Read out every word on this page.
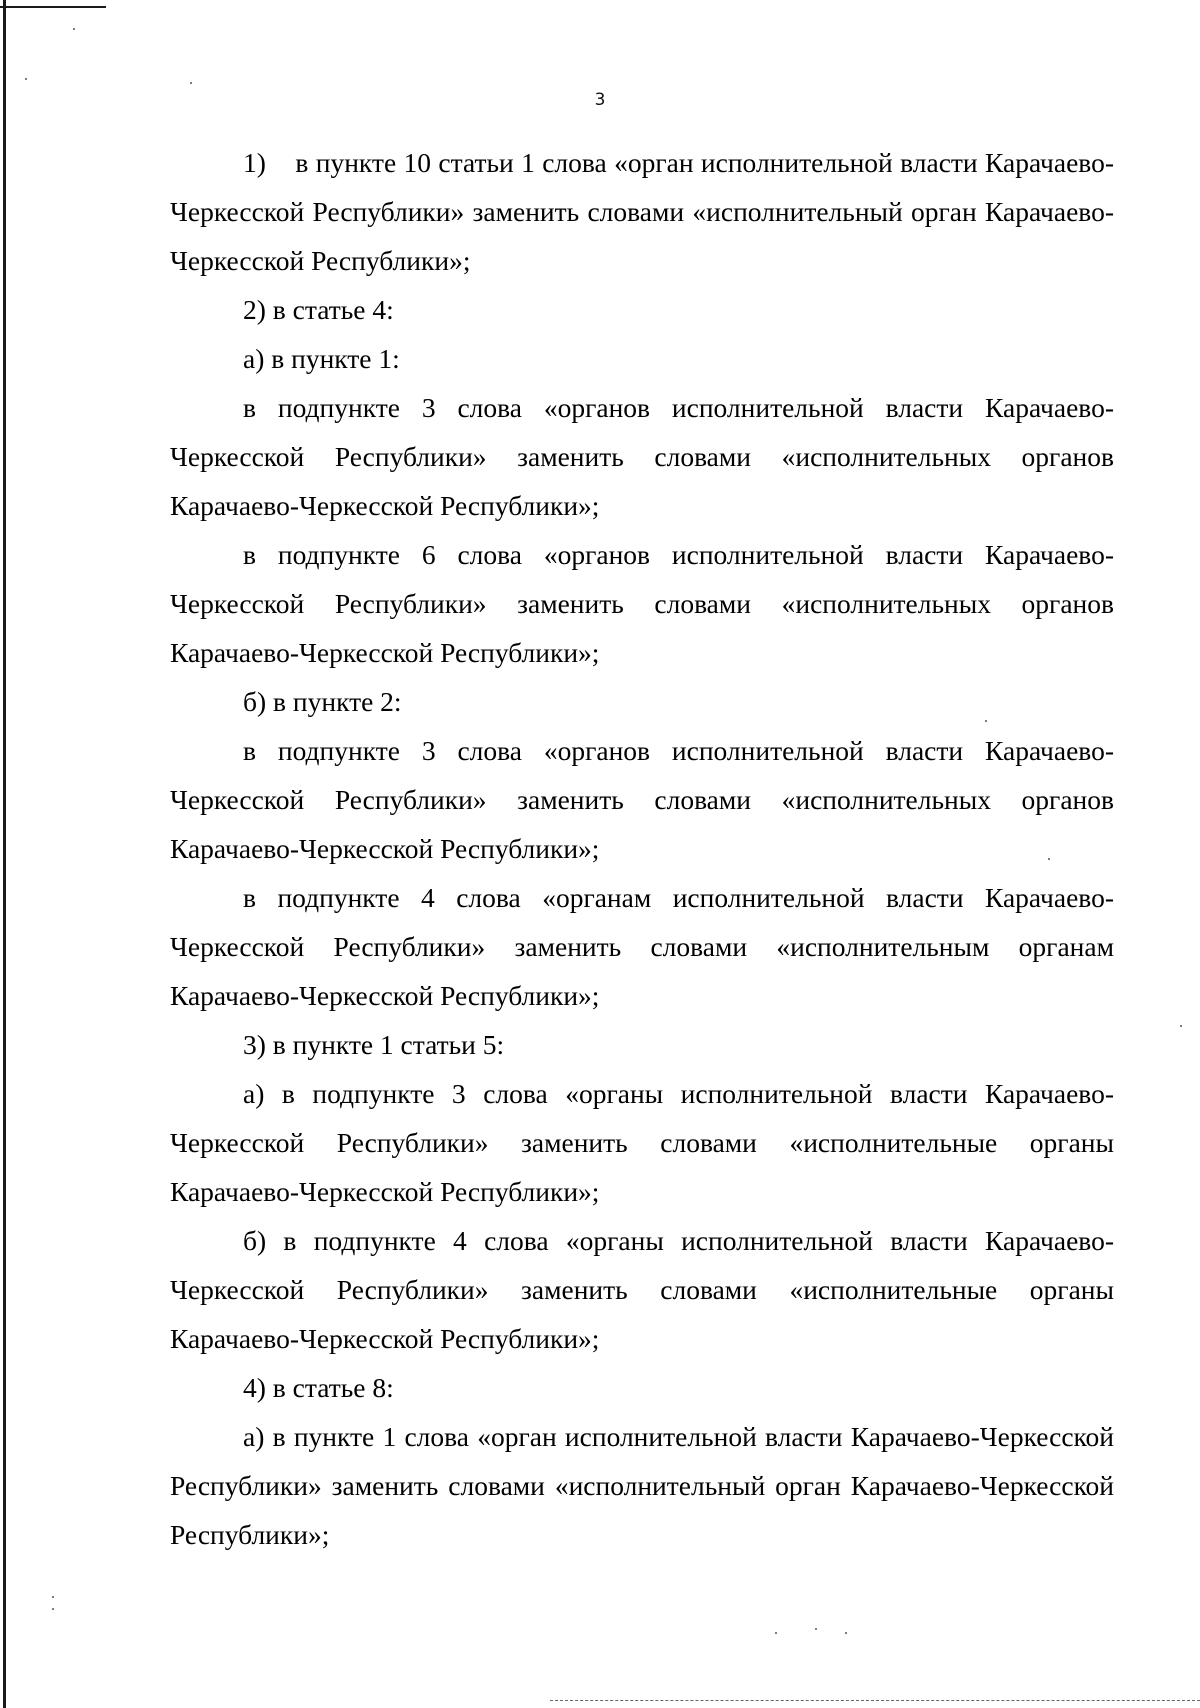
3

1)    в пункте 10 статьи 1 слова «орган исполнительной власти Карачаево-Черкесской Республики» заменить словами «исполнительный орган Карачаево-Черкесской Республики»;

2) в статье 4:

а) в пункте 1:

в подпункте 3 слова «органов исполнительной власти Карачаево-Черкесской Республики» заменить словами «исполнительных органов Карачаево-Черкесской Республики»;

в подпункте 6 слова «органов исполнительной власти Карачаево-Черкесской Республики» заменить словами «исполнительных органов Карачаево-Черкесской Республики»;

б) в пункте 2:

в подпункте 3 слова «органов исполнительной власти Карачаево-Черкесской Республики» заменить словами «исполнительных органов Карачаево-Черкесской Республики»;

в подпункте 4 слова «органам исполнительной власти Карачаево-Черкесской Республики» заменить словами «исполнительным органам Карачаево-Черкесской Республики»;

3) в пункте 1 статьи 5:

а) в подпункте 3 слова «органы исполнительной власти Карачаево-Черкесской Республики» заменить словами «исполнительные органы Карачаево-Черкесской Республики»;

б) в подпункте 4 слова «органы исполнительной власти Карачаево-Черкесской Республики» заменить словами «исполнительные органы Карачаево-Черкесской Республики»;

4) в статье 8:

а) в пункте 1 слова «орган исполнительной власти Карачаево-Черкесской Республики» заменить словами «исполнительный орган Карачаево-Черкесской Республики»;
